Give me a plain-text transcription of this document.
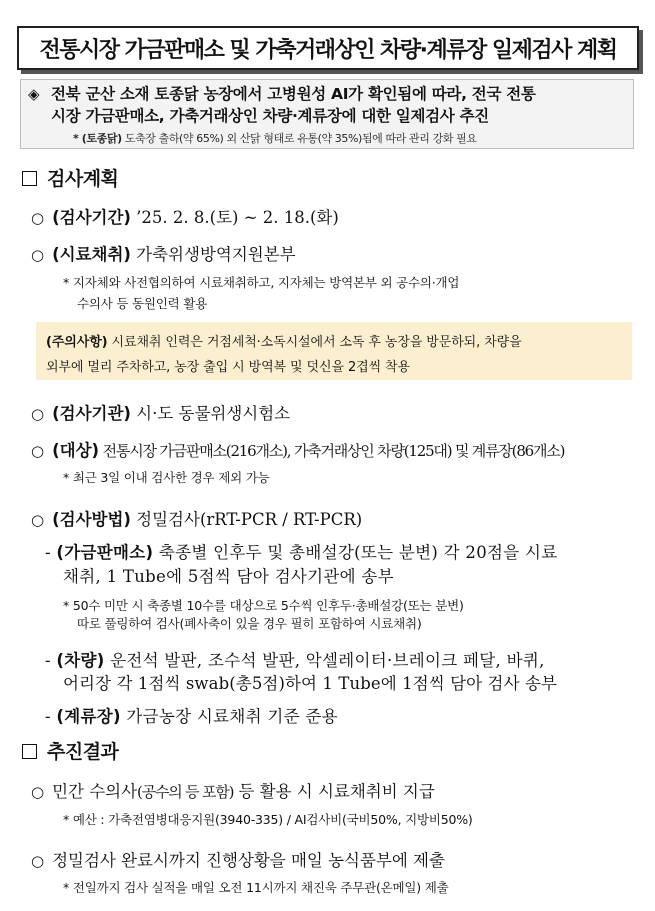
전통시장 가금판매소 및 가축거래상인 차량·계류장 일제검사 계획
◈ 전북 군산 소재 토종닭 농장에서 고병원성 AI가 확인됨에 따라, 전국 전통
시장 가금판매소, 가축거래상인 차량·계류장에 대한 일제검사 추진
* (토종닭) 도축장 출하(약 65%) 외 산닭 형태로 유통(약 35%)됨에 따라 관리 강화 필요
검사계획
○ (검사기간) ’25. 2. 8.(토) ~ 2. 18.(화)
○ (시료채취) 가축위생방역지원본부
* 지자체와 사전협의하여 시료채취하고, 지자체는 방역본부 외 공수의·개업
수의사 등 동원인력 활용
(주의사항) 시료채취 인력은 거점세척·소독시설에서 소독 후 농장을 방문하되, 차량을
외부에 멀리 주차하고, 농장 출입 시 방역복 및 덧신을 2겹씩 착용
○ (검사기관) 시·도 동물위생시험소
○ (대상) 전통시장 가금판매소(216개소), 가축거래상인 차량(125대) 및 계류장(86개소)
* 최근 3일 이내 검사한 경우 제외 가능
○ (검사방법) 정밀검사(rRT-PCR / RT-PCR)
- (가금판매소) 축종별 인후두 및 총배설강(또는 분변) 각 20점을 시료
채취, 1 Tube에 5점씩 담아 검사기관에 송부
* 50수 미만 시 축종별 10수를 대상으로 5수씩 인후두·총배설강(또는 분변)
따로 풀링하여 검사(폐사축이 있을 경우 필히 포함하여 시료채취)
- (차량) 운전석 발판, 조수석 발판, 악셀레이터·브레이크 페달, 바퀴,
어리장 각 1점씩 swab(총5점)하여 1 Tube에 1점씩 담아 검사 송부
- (계류장) 가금농장 시료채취 기준 준용
추진결과
○ 민간 수의사(공수의 등 포함) 등 활용 시 시료채취비 지급
* 예산 : 가축전염병대응지원(3940-335) / AI검사비(국비50%, 지방비50%)
○ 정밀검사 완료시까지 진행상황을 매일 농식품부에 제출
* 전일까지 검사 실적을 매일 오전 11시까지 채진욱 주무관(온메일) 제출
